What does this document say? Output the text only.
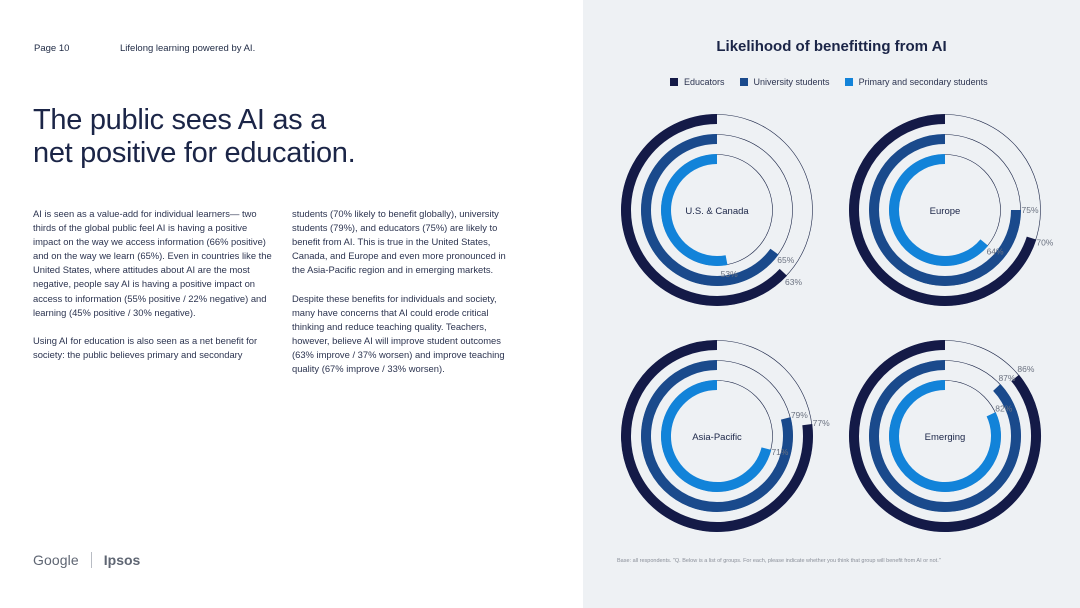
Page 10	Lifelong learning powered by AI.
The public sees AI as a
net positive for education.

AI is seen as a value-add for individual learners— two thirds of the global public feel AI is having a positive impact on the way we access information (66% positive) and on the way we learn (65%). Even in countries like the United States, where attitudes about AI are the most negative, people say AI is having a positive impact on access to information (55% positive / 22% negative) and learning (45% positive / 30% negative).

Using AI for education is also seen as a net benefit for society: the public believes primary and secondary

students (70% likely to benefit globally), university students (79%), and educators (75%) are likely to benefit from AI. This is true in the United States, Canada, and Europe and even more pronounced in the Asia-Pacific region and in emerging markets.

Despite these benefits for individuals and society, many have concerns that AI could erode critical thinking and reduce teaching quality. Teachers, however, believe AI will improve student outcomes (63% improve / 37% worsen) and improve teaching quality (67% improve / 33% worsen).

Google Ipsos
Likelihood of benefitting from AI
Educators	University students	Primary and secondary students
63%
65%
53%
U.S. & Canada
70%
75%
64%
Europe
77%
79%
71%
Asia-Pacific
86%
87%
82%
Emerging
Base: all respondents. "Q. Below is a list of groups. For each, please indicate whether you think that group will benefit from AI or not."
